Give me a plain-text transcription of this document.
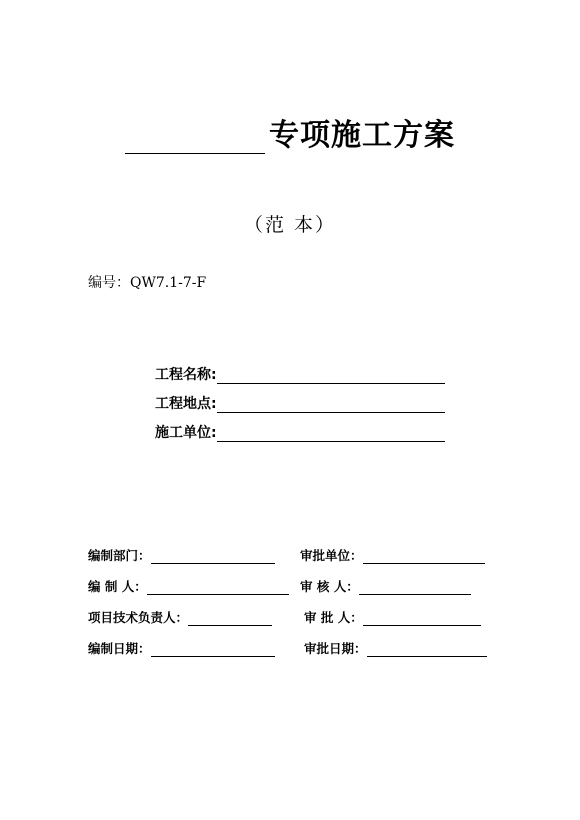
专项施工方案
（范 本）
编号：QW7.1-7-F
工程名称:
工程地点:
施工单位:
编制部门：	审批单位：
编 制 人：	审 核 人：
项目技术负责人：	审 批 人：
编制日期：	审批日期：
